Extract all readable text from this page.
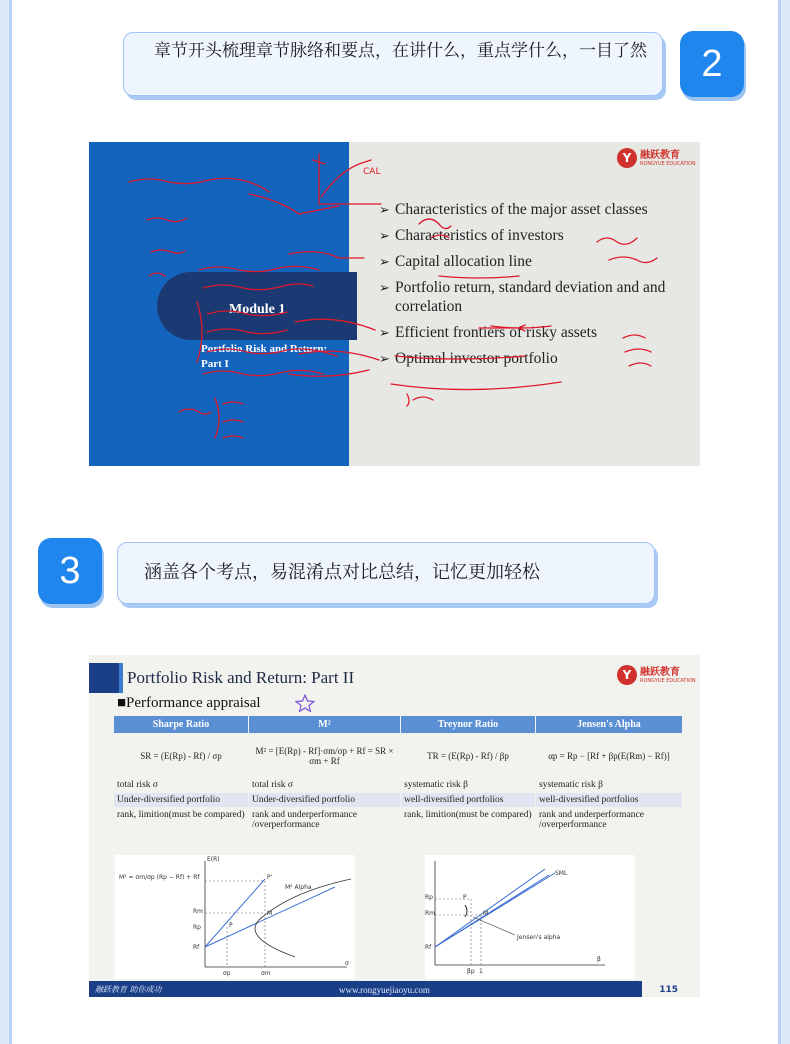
章节开头梳理章节脉络和要点，在讲什么，重点学什么，一目了然	2
Module 1
Portfolio Risk and Return: Part I
Y 融跃教育
RONGYUE EDUCATION
➢ Characteristics of the major asset classes
➢ Characteristics of investors
➢ Capital allocation line
➢ Portfolio return, standard deviation and and correlation
➢ Efficient frontiers of risky assets
➢ Optimal investor portfolio
CAL
3	涵盖各个考点，易混淆点对比总结，记忆更加轻松
Portfolio Risk and Return: Part II
■Performance appraisal
Y 融跃教育
RONGYUE EDUCATION
Sharpe Ratio	M²	Treynor Ratio	Jensen's Alpha
SR = (E(Rp) - Rf) / σp	M² = [E(Rp) - Rf]·σm/σp + Rf = SR × σm + Rf	TR = (E(Rp) - Rf) / βp	αp = Rp − [Rf + βp(E(Rm) − Rf)]
total risk σ	total risk σ	systematic risk β	systematic risk β
Under-diversified portfolio	Under-diversified portfolio	well-diversified portfolios	well-diversified portfolios
rank, limition(must be compared)	rank and underperformance /overperformance	rank, limition(must be compared)	rank and underperformance /overperformance
E(R)
M² = σm/σp (Rp − Rf) + Rf
M² Alpha
P'
M
P
Rm
Rp
Rf
σp	σm
σ
SML
Jensen's alpha
P
M
Rp
Rm
Rf
βp 1
β
融跃教育 助你成功	www.rongyuejiaoyu.com	115
